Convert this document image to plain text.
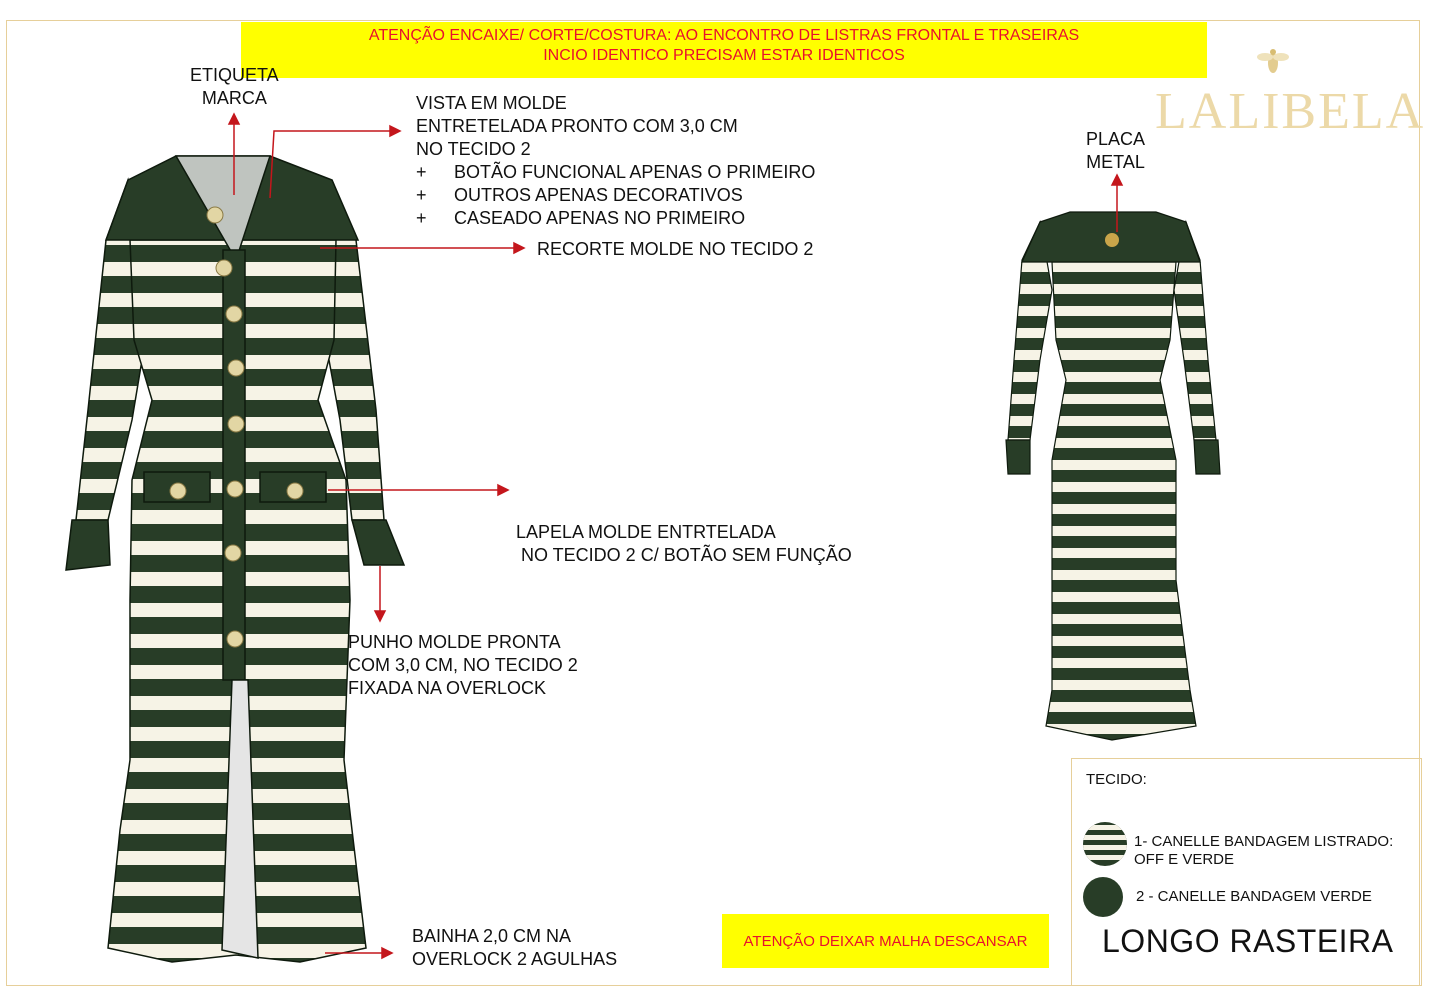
ATENÇÃO ENCAIXE/ CORTE/COSTURA: AO ENCONTRO DE LISTRAS FRONTAL E TRASEIRAS
INCIO IDENTICO PRECISAM ESTAR IDENTICOS
LALIBELA
ETIQUETA
MARCA	VISTA EM MOLDE
ENTRETELADA PRONTO COM 3,0 CM
NO TECIDO 2
+ BOTÃO FUNCIONAL APENAS O PRIMEIRO
+ OUTROS APENAS DECORATIVOS
+ CASEADO APENAS NO PRIMEIRO
RECORTE MOLDE NO TECIDO 2

LAPELA MOLDE ENTRTELADA
NO TECIDO 2 C/ BOTÃO SEM FUNÇÃO

PUNHO MOLDE PRONTA
COM 3,0 CM, NO TECIDO 2
FIXADA NA OVERLOCK
BAINHA 2,0 CM NA
OVERLOCK 2 AGULHAS
PLACA
METAL
TECIDO:
1- CANELLE BANDAGEM LISTRADO:
OFF E VERDE
2 - CANELLE BANDAGEM VERDE
ATENÇÃO DEIXAR MALHA DESCANSAR	LONGO RASTEIRA
